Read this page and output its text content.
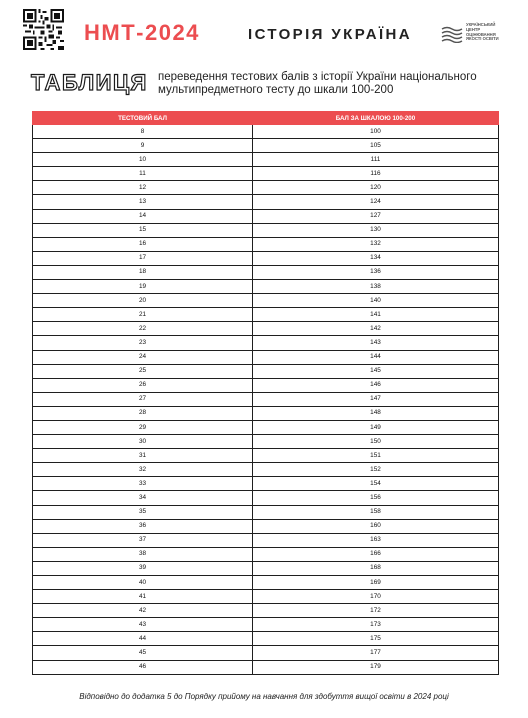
НМТ-2024	ІСТОРІЯ УКРАЇНА
УКРАЇНСЬКИЙ
ЦЕНТР
ОЦІНЮВАННЯ
ЯКОСТІ ОСВІТИ
ТАБЛИЦЯ переведення тестових балів з історії України національного
мультипредметного тесту до шкали 100-200
ТЕСТОВИЙ БАЛ	БАЛ ЗА ШКАЛОЮ 100-200
8	100
9	105
10	111
11	116
12	120
13	124
14	127
15	130
16	132
17	134
18	136
19	138
20	140
21	141
22	142
23	143
24	144
25	145
26	146
27	147
28	148
29	149
30	150
31	151
32	152
33	154
34	156
35	158
36	160
37	163
38	166
39	168
40	169
41	170
42	172
43	173
44	175
45	177
46	179
Відповідно до додатка 5 до Порядку прийому на навчання для здобуття вищої освіти в 2024 році
